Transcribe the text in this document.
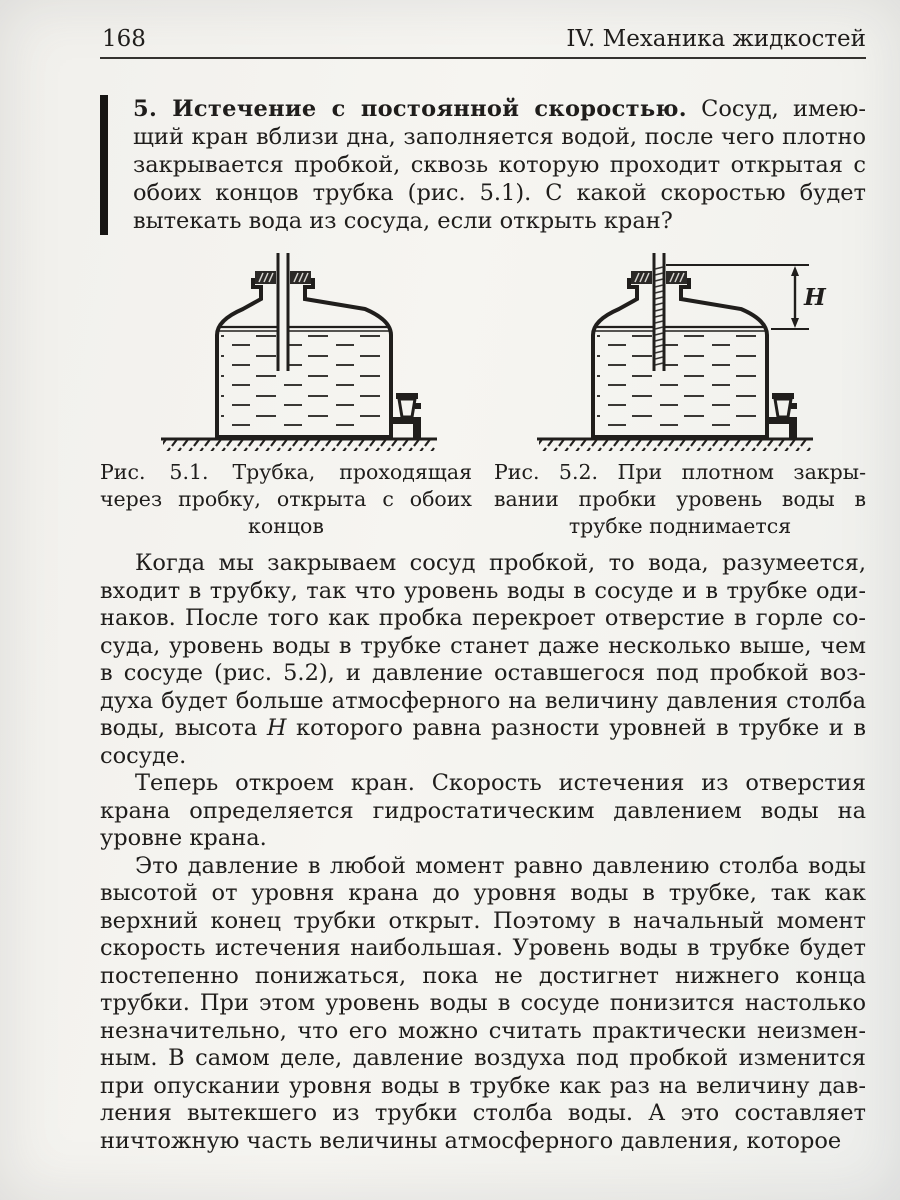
168	IV. Механика жидкостей

5. Истечение с постоянной скоростью. Сосуд, имеющий кран вблизи дна, заполняется водой, после чего плотно закрывается пробкой, сквозь которую проходит открытая с обоих концов трубка (рис. 5.1). С какой скоростью будет вытекать вода из сосуда, если открыть кран?

Рис. 5.1. Трубка, проходящая через пробку, открыта с обоих концов
H
Рис. 5.2. При плотном закрывании пробки уровень воды в трубке поднимается

Когда мы закрываем сосуд пробкой, то вода, разумеется, входит в трубку, так что уровень воды в сосуде и в трубке одинаков. После того как пробка перекроет отверстие в горле сосуда, уровень воды в трубке станет даже несколько выше, чем в сосуде (рис. 5.2), и давление оставшегося под пробкой воздуха будет больше атмосферного на величину давления столба воды, высота H которого равна разности уровней в трубке и в сосуде.

Теперь откроем кран. Скорость истечения из отверстия крана определяется гидростатическим давлением воды на уровне крана.

Это давление в любой момент равно давлению столба воды высотой от уровня крана до уровня воды в трубке, так как верхний конец трубки открыт. Поэтому в начальный момент скорость истечения наибольшая. Уровень воды в трубке будет постепенно понижаться, пока не достигнет нижнего конца трубки. При этом уровень воды в сосуде понизится настолько незначительно, что его можно считать практически неизменным. В самом деле, давление воздуха под пробкой изменится при опускании уровня воды в трубке как раз на величину давления вытекшего из трубки столба воды. А это составляет ничтожную часть величины атмосферного давления, которое
